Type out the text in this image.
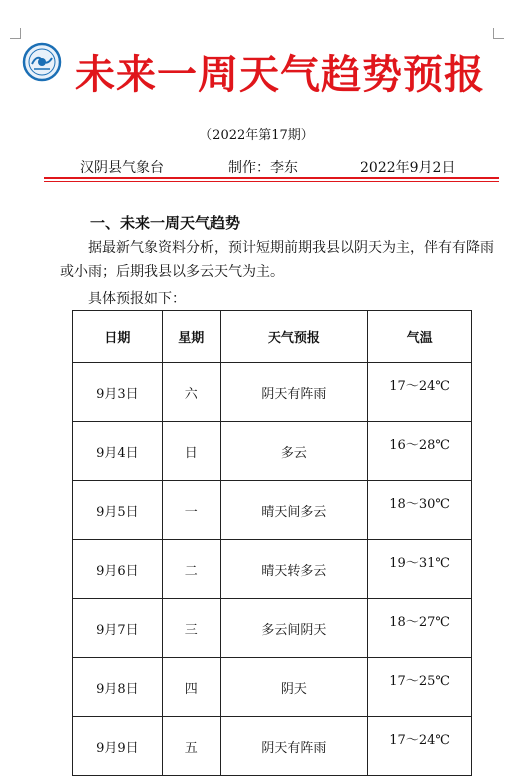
未来一周天气趋势预报
（2022年第17期）
汉阴县气象台	制作：李东	2022年9月2日
一、未来一周天气趋势
据最新气象资料分析，预计短期前期我县以阴天为主，伴有有降雨或小雨；后期我县以多云天气为主。
具体预报如下：
日期	星期	天气预报	气温
9月3日	六	阴天有阵雨	17～24℃
9月4日	日	多云	16～28℃
9月5日	一	晴天间多云	18～30℃
9月6日	二	晴天转多云	19～31℃
9月7日	三	多云间阴天	18～27℃
9月8日	四	阴天	17～25℃
9月9日	五	阴天有阵雨	17～24℃
